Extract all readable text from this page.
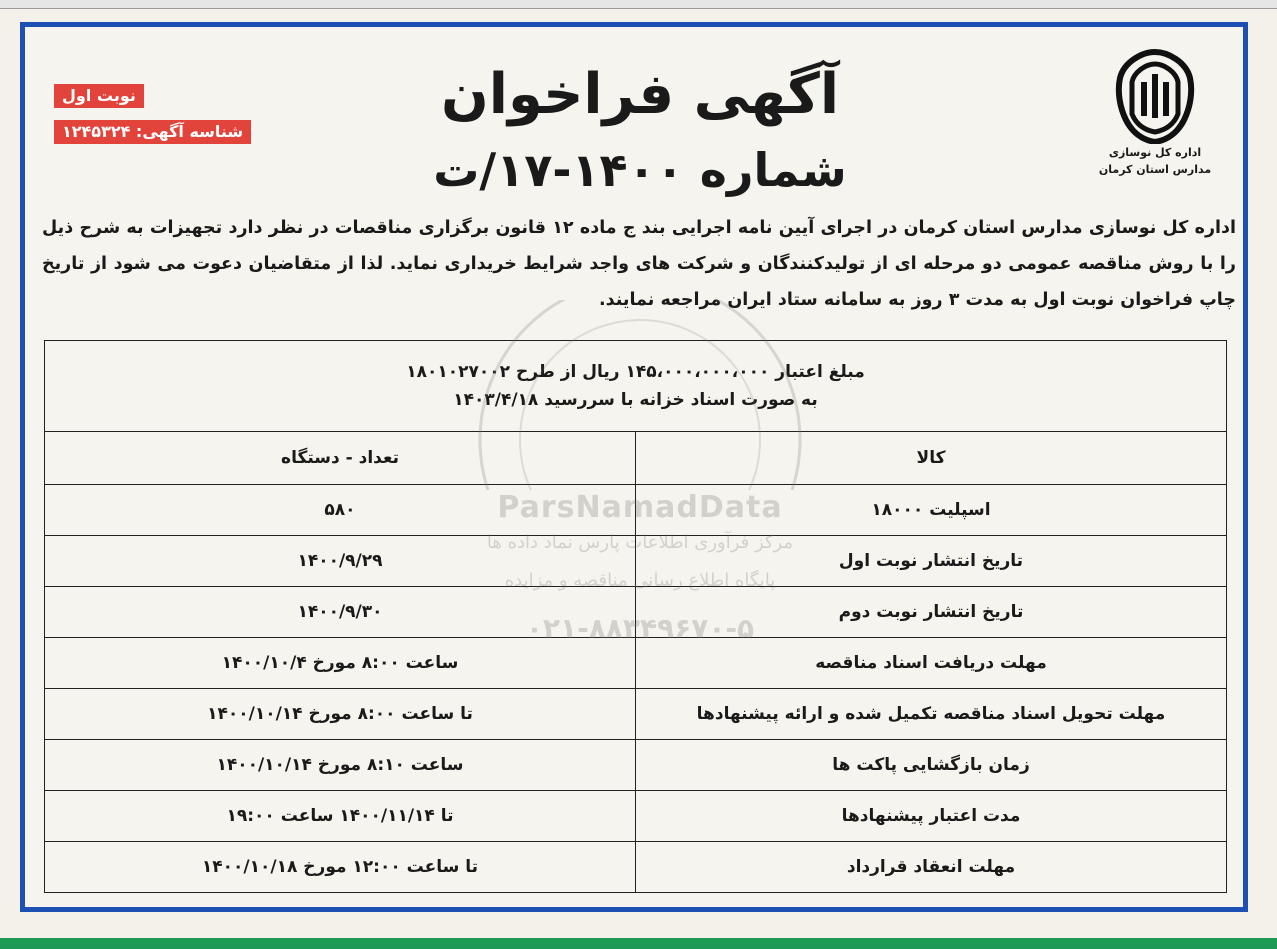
اداره کل نوسازی
مدارس استان کرمان
نوبت اول
شناسه آگهی: ۱۲۴۵۳۲۴
آگهی فراخوان
شماره ۱۴۰۰-۱۷/ت
اداره کل نوسازی مدارس استان کرمان در اجرای آیین نامه اجرایی بند ج ماده ۱۲ قانون برگزاری مناقصات در نظر دارد تجهیزات به شرح ذیل را با روش مناقصه عمومی دو مرحله ای از تولیدکنندگان و شرکت های واجد شرایط خریداری نماید. لذا از متقاضیان دعوت می شود از تاریخ چاپ فراخوان نوبت اول به مدت ۳ روز به سامانه ستاد ایران مراجعه نمایند.
مبلغ اعتبار ۱۴۵،۰۰۰،۰۰۰،۰۰۰ ریال از طرح ۱۸۰۱۰۲۷۰۰۲
به صورت اسناد خزانه با سررسید ۱۴۰۳/۴/۱۸	

کالا	تعداد - دستگاه
اسپلیت ۱۸۰۰۰	۵۸۰
تاریخ انتشار نوبت اول	۱۴۰۰/۹/۲۹
تاریخ انتشار نوبت دوم	۱۴۰۰/۹/۳۰
مهلت دریافت اسناد مناقصه	ساعت ۸:۰۰ مورخ ۱۴۰۰/۱۰/۴
مهلت تحویل اسناد مناقصه تکمیل شده و ارائه پیشنهادها	تا ساعت ۸:۰۰ مورخ ۱۴۰۰/۱۰/۱۴
زمان بازگشایی پاکت ها	ساعت ۸:۱۰ مورخ ۱۴۰۰/۱۰/۱۴
مدت اعتبار پیشنهادها	تا ۱۴۰۰/۱۱/۱۴ ساعت ۱۹:۰۰
مهلت انعقاد قرارداد	تا ساعت ۱۲:۰۰ مورخ ۱۴۰۰/۱۰/۱۸
ParsNamadData
مرکز فرآوری اطلاعات پارس نماد داده ها
پایگاه اطلاع رسانی مناقصه و مزایده
۰۲۱-۸۸۳۴۹۶۷۰-۵
